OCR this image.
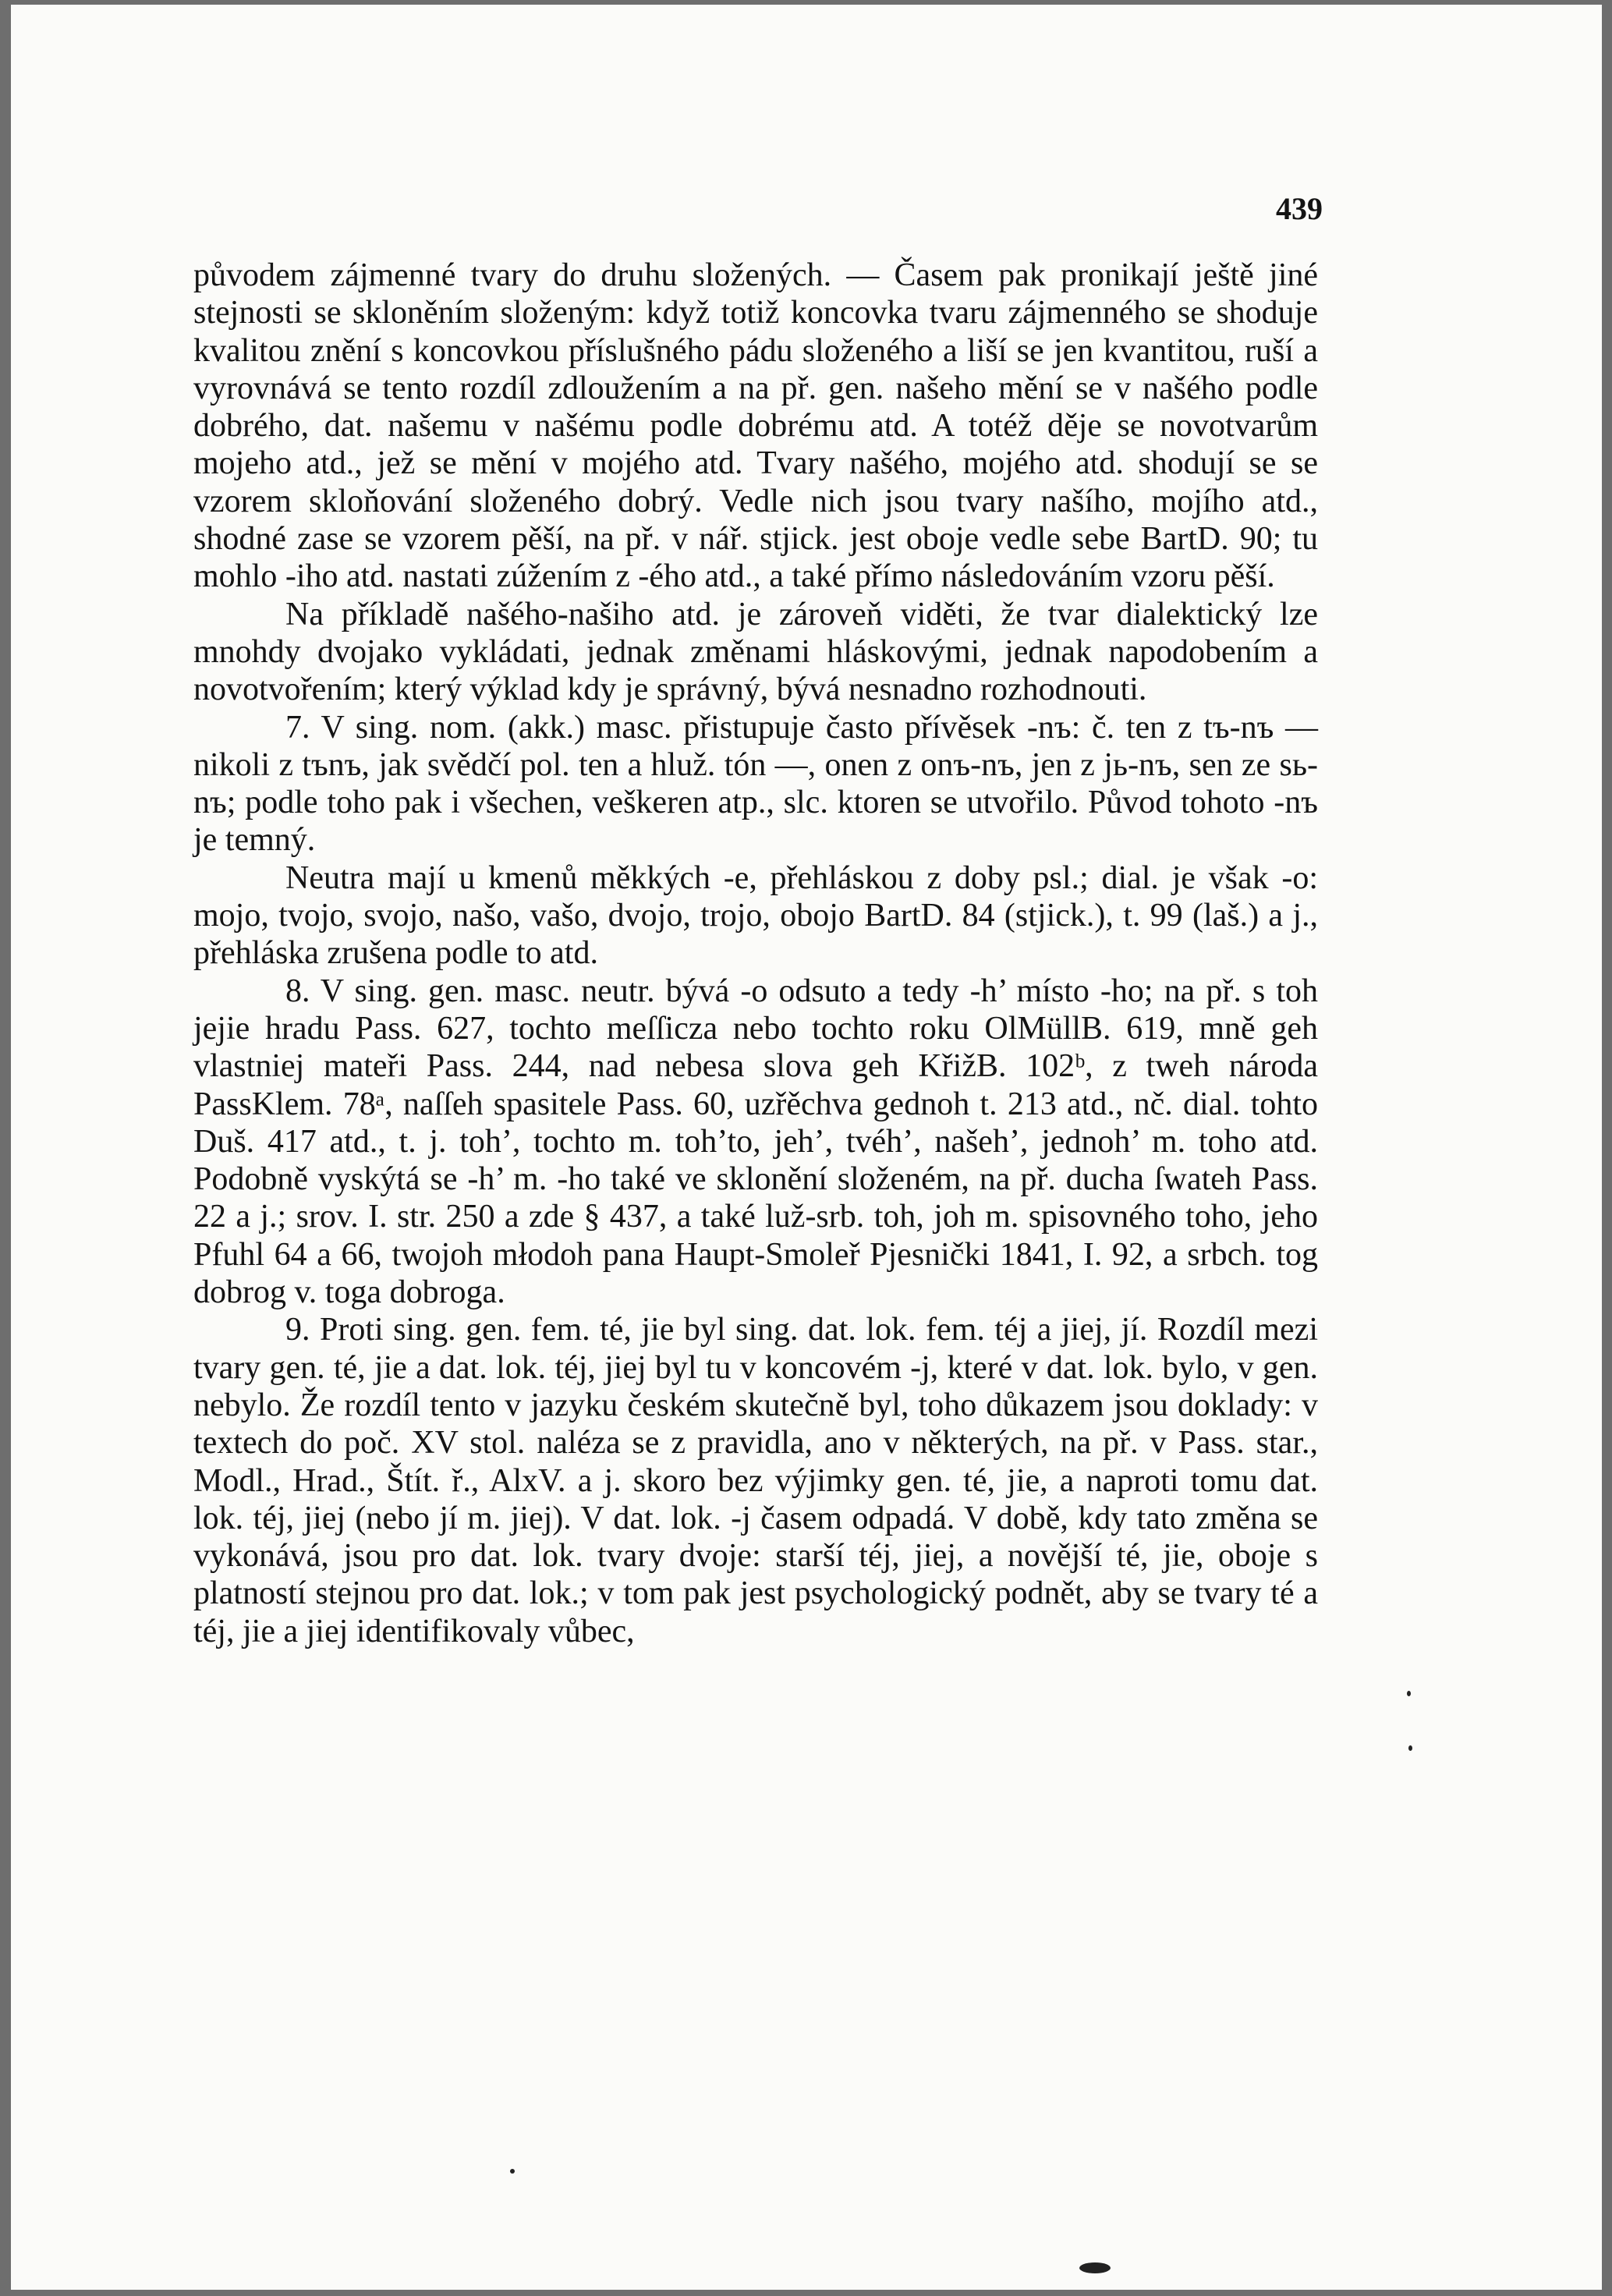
439

původem zájmenné tvary do druhu složených. — Časem pak pronikají ještě jiné stejnosti se skloněním složeným: když totiž koncovka tvaru zájmenného se shoduje kvalitou znění s koncovkou příslušného pádu složeného a liší se jen kvantitou, ruší a vyrovnává se tento rozdíl zdloužením a na př. gen. našeho mění se v našého podle dobrého, dat. našemu v našému podle dobrému atd. A totéž děje se novotvarům mojeho atd., jež se mění v mojého atd. Tvary našého, mojého atd. shodují se se vzorem skloňování složeného dobrý. Vedle nich jsou tvary našího, mojího atd., shodné zase se vzorem pěší, na př. v nář. stjick. jest oboje vedle sebe BartD. 90; tu mohlo -iho atd. nastati zúžením z -ého atd., a také přímo následováním vzoru pěší.

Na příkladě našého-našiho atd. je zároveň viděti, že tvar dialektický lze mnohdy dvojako vykládati, jednak změnami hláskovými, jednak napodobením a novotvořením; který výklad kdy je správný, bývá nesnadno rozhodnouti.

7. V sing. nom. (akk.) masc. přistupuje často přívěsek -nъ: č. ten z tъ-nъ — nikoli z tъnъ, jak svědčí pol. ten a hluž. tón —, onen z onъ-nъ, jen z jь-nъ, sen ze sь-nъ; podle toho pak i všechen, veškeren atp., slc. ktoren se utvořilo. Původ tohoto -nъ je temný.

Neutra mají u kmenů měkkých -e, přehláskou z doby psl.; dial. je však -o: mojo, tvojo, svojo, našo, vašo, dvojo, trojo, obojo BartD. 84 (stjick.), t. 99 (laš.) a j., přehláska zrušena podle to atd.

8. V sing. gen. masc. neutr. bývá -o odsuto a tedy -h’ místo -ho; na př. s toh jejie hradu Pass. 627, tochto meſſicza nebo tochto roku OlMüllB. 619, mně geh vlastniej mateři Pass. 244, nad nebesa slova geh KřižB. 102ᵇ, z tweh národa PassKlem. 78ᵃ, naſſeh spasitele Pass. 60, uzřěchva gednoh t. 213 atd., nč. dial. tohto Duš. 417 atd., t. j. toh’, tochto m. toh’to, jeh’, tvéh’, našeh’, jednoh’ m. toho atd. Podobně vyskýtá se -h’ m. -ho také ve sklonění složeném, na př. ducha ſwateh Pass. 22 a j.; srov. I. str. 250 a zde § 437, a také luž-srb. toh, joh m. spisovného toho, jeho Pfuhl 64 a 66, twojoh młodoh pana Haupt-Smoleř Pjesnički 1841, I. 92, a srbch. tog dobrog v. toga dobroga.

9. Proti sing. gen. fem. té, jie byl sing. dat. lok. fem. téj a jiej, jí. Rozdíl mezi tvary gen. té, jie a dat. lok. téj, jiej byl tu v koncovém -j, které v dat. lok. bylo, v gen. nebylo. Že rozdíl tento v jazyku českém skutečně byl, toho důkazem jsou doklady: v textech do poč. XV stol. naléza se z pravidla, ano v některých, na př. v Pass. star., Modl., Hrad., Štít. ř., AlxV. a j. skoro bez výjimky gen. té, jie, a naproti tomu dat. lok. téj, jiej (nebo jí m. jiej). V dat. lok. -j časem odpadá. V době, kdy tato změna se vykonává, jsou pro dat. lok. tvary dvoje: starší téj, jiej, a novější té, jie, oboje s platností stejnou pro dat. lok.; v tom pak jest psychologický podnět, aby se tvary té a téj, jie a jiej identifikovaly vůbec,
